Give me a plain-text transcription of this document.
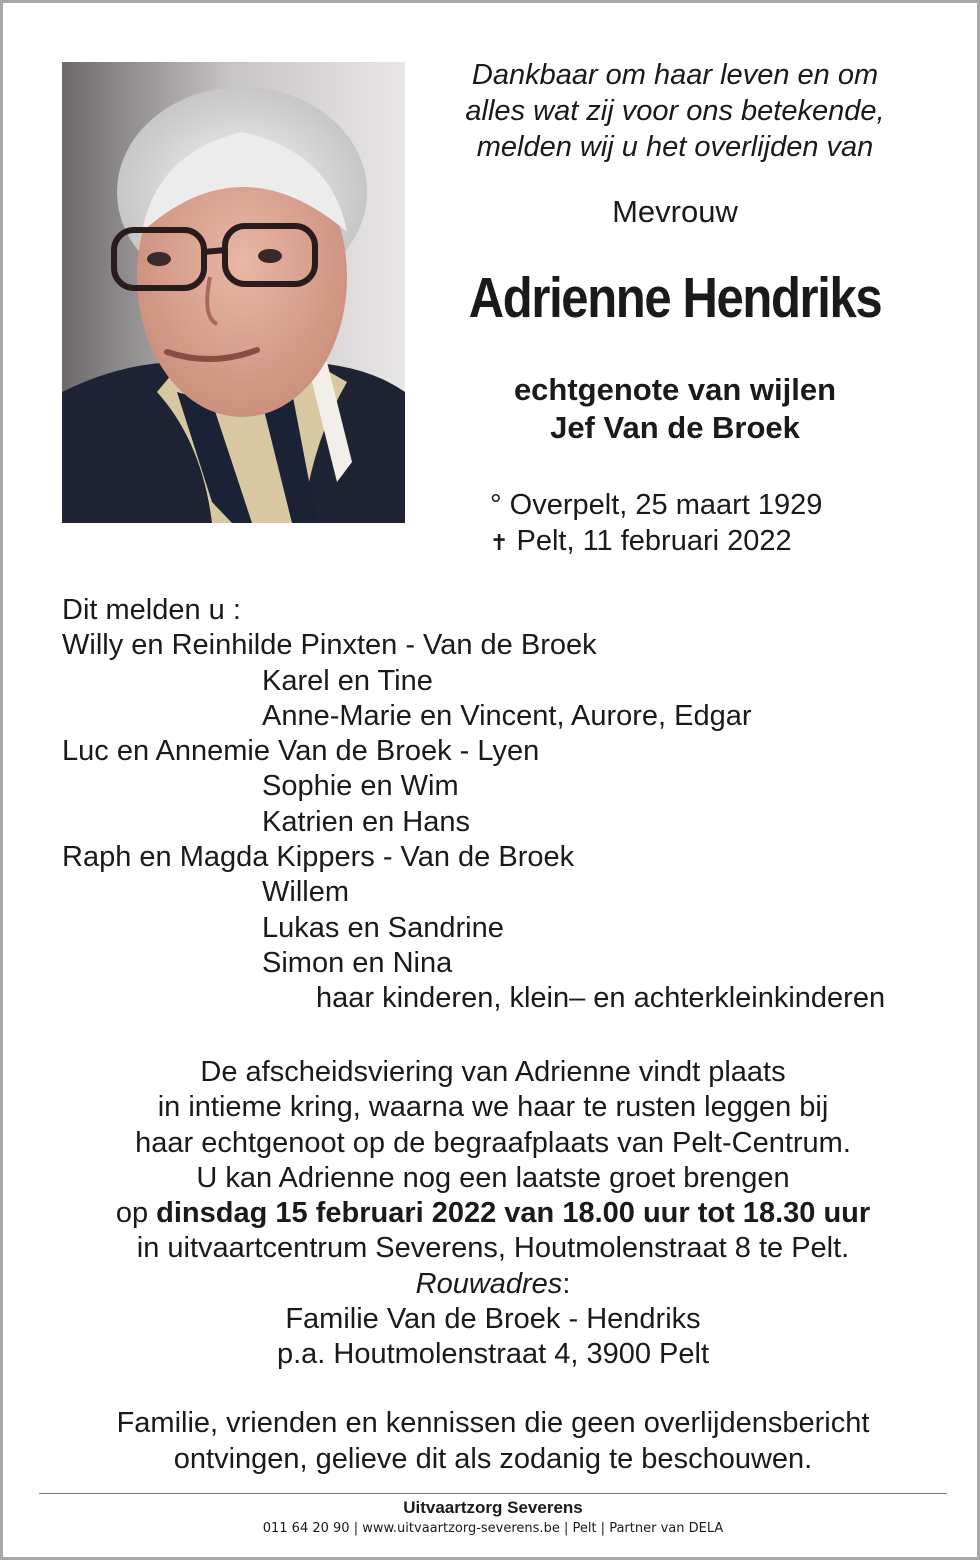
Dankbaar om haar leven en om
alles wat zij voor ons betekende,
melden wij u het overlijden van
Mevrouw
Adrienne Hendriks
echtgenote van wijlen
Jef Van de Broek
° Overpelt, 25 maart 1929
✝ Pelt, 11 februari 2022
Dit melden u :
Willy en Reinhilde Pinxten - Van de Broek
Karel en Tine
Anne-Marie en Vincent, Aurore, Edgar
Luc en Annemie Van de Broek - Lyen
Sophie en Wim
Katrien en Hans
Raph en Magda Kippers - Van de Broek
Willem
Lukas en Sandrine
Simon en Nina
haar kinderen, klein– en achterkleinkinderen
De afscheidsviering van Adrienne vindt plaats
in intieme kring, waarna we haar te rusten leggen bij
haar echtgenoot op de begraafplaats van Pelt-Centrum.
U kan Adrienne nog een laatste groet brengen
op dinsdag 15 februari 2022 van 18.00 uur tot 18.30 uur
in uitvaartcentrum Severens, Houtmolenstraat 8 te Pelt.
Rouwadres:
Familie Van de Broek - Hendriks
p.a. Houtmolenstraat 4, 3900 Pelt
Familie, vrienden en kennissen die geen overlijdensbericht
ontvingen, gelieve dit als zodanig te beschouwen.
Uitvaartzorg Severens
011 64 20 90 | www.uitvaartzorg-severens.be | Pelt | Partner van DELA
